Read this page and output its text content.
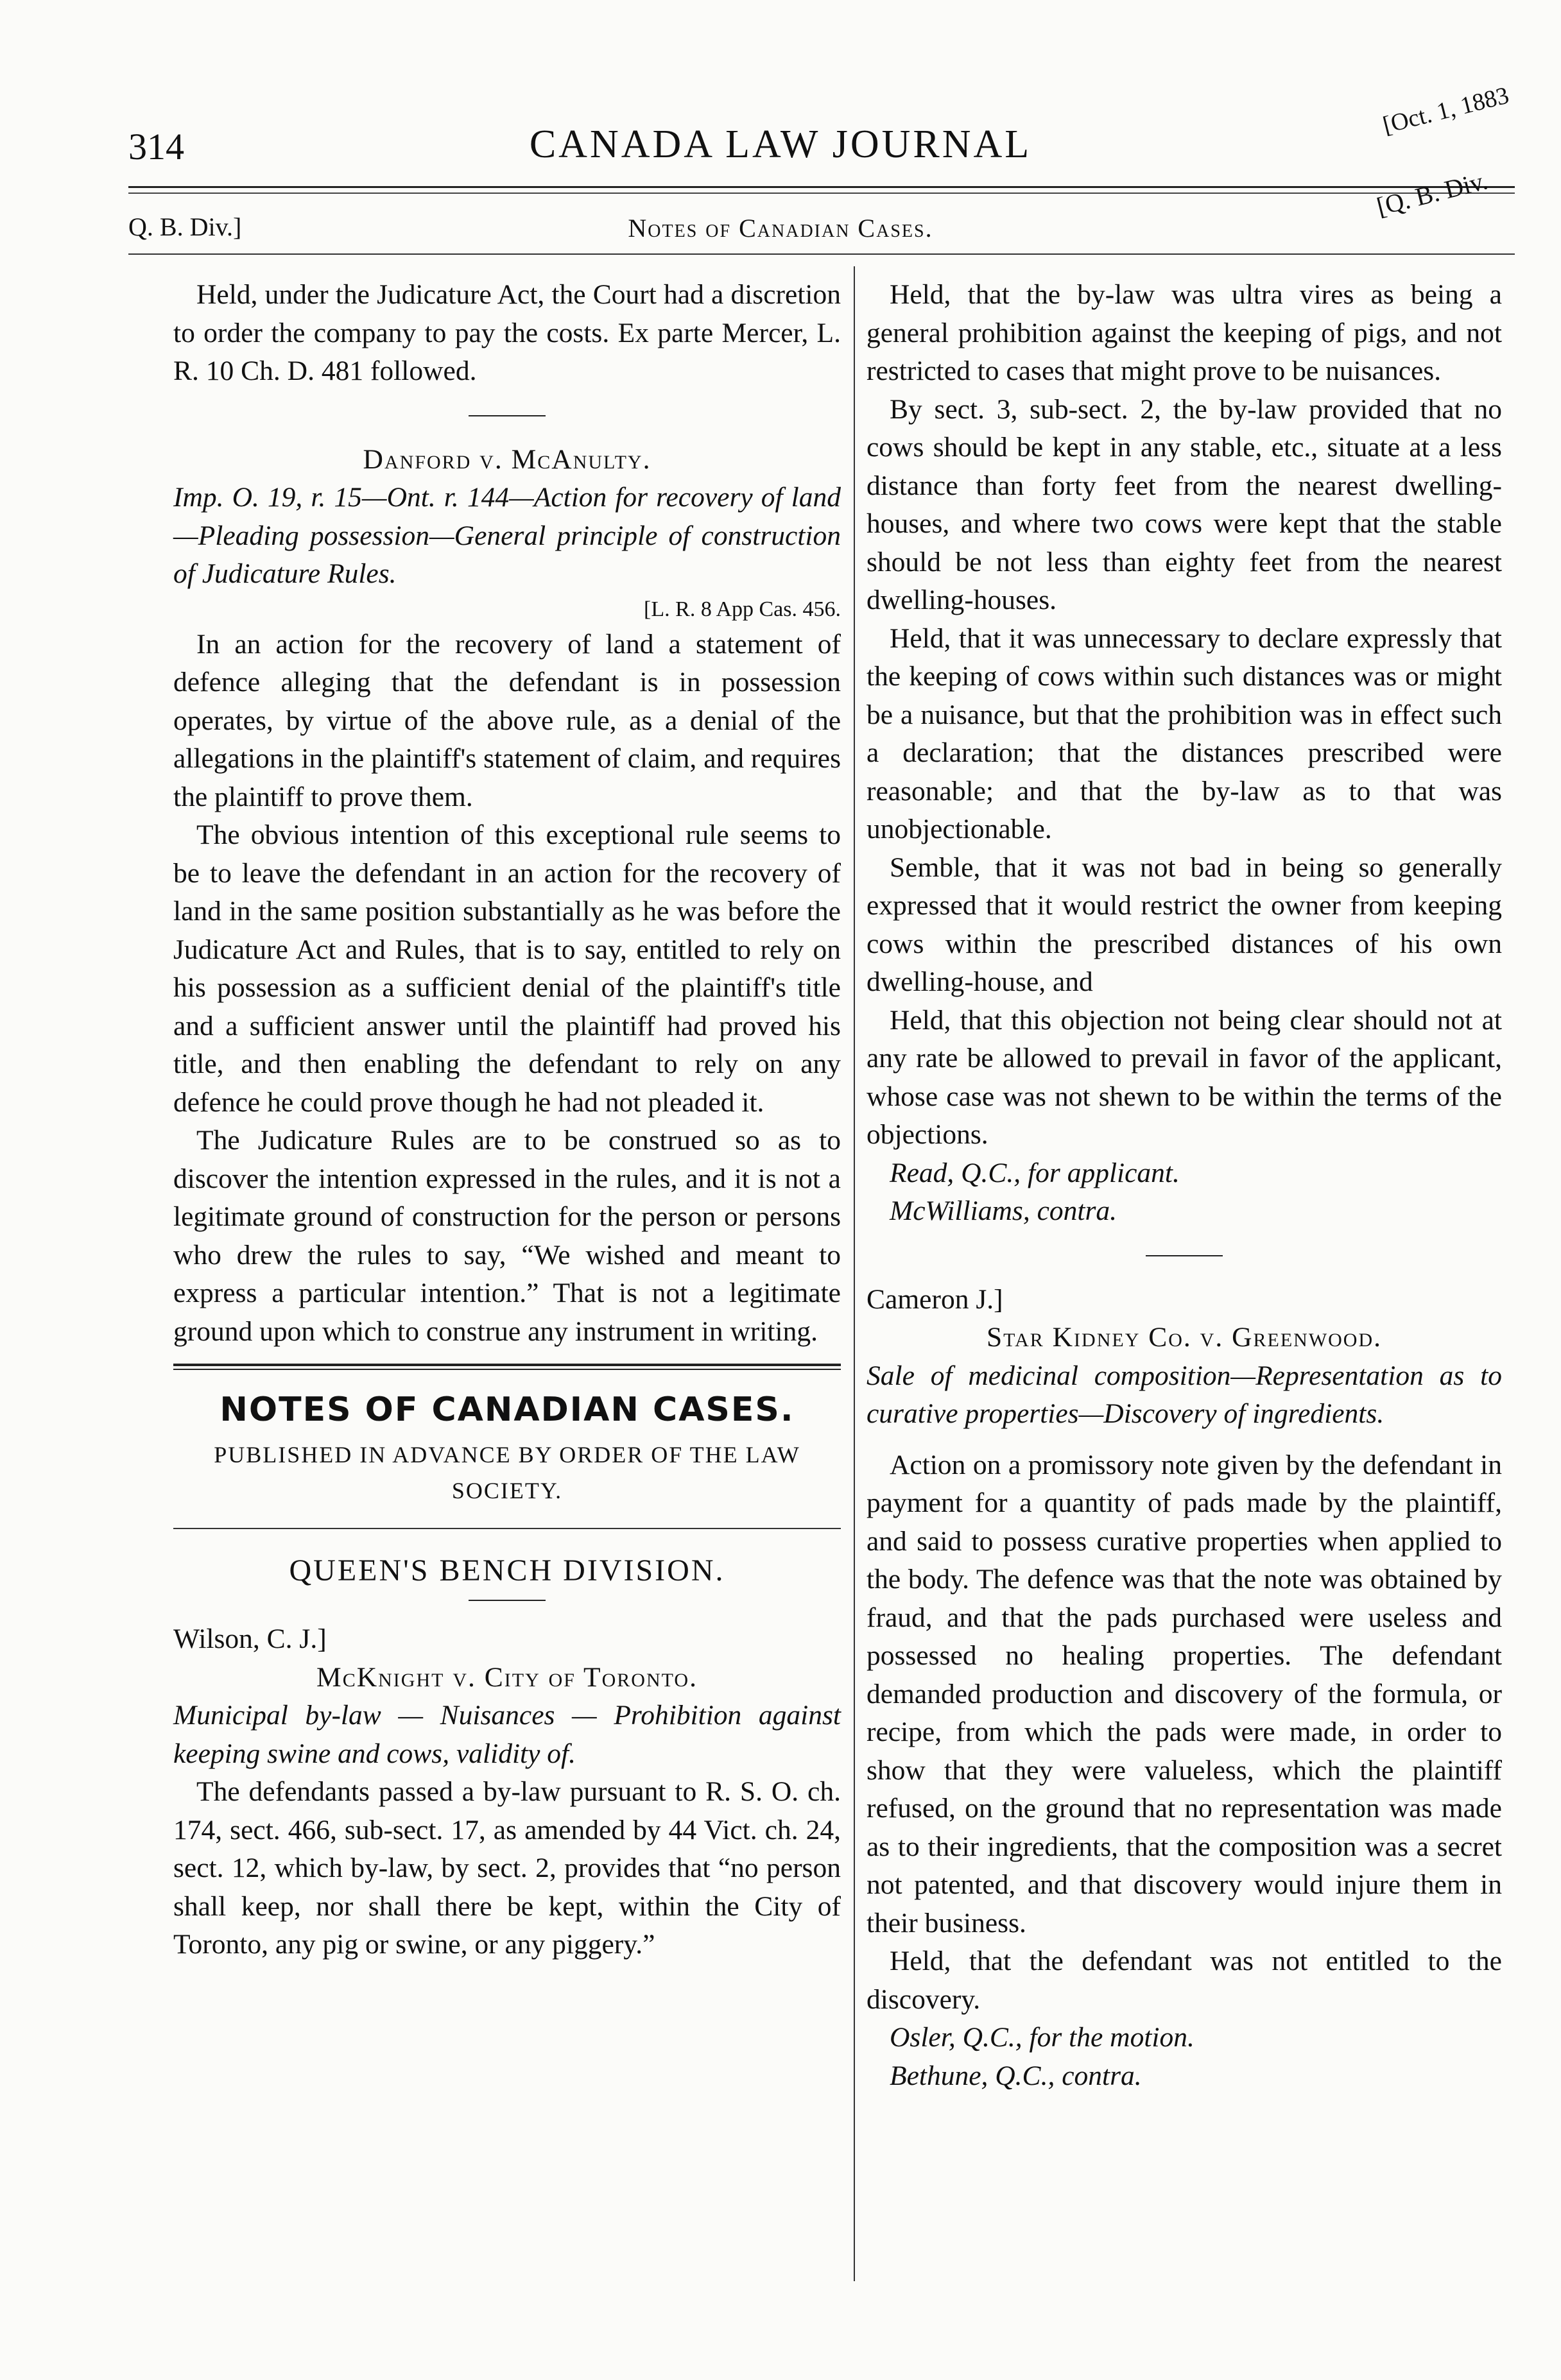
314	CANADA LAW JOURNAL
[Oct. 1, 1883
Q. B. Div.]	Notes of Canadian Cases.
[Q. B. Div.

Held, under the Judicature Act, the Court had a discretion to order the company to pay the costs. Ex parte Mercer, L. R. 10 Ch. D. 481 followed.

Danford v. McAnulty.

Imp. O. 19, r. 15—Ont. r. 144—Action for recovery of land—Pleading possession—General principle of construction of Judicature Rules.

[L. R. 8 App Cas. 456.

In an action for the recovery of land a statement of defence alleging that the defendant is in possession operates, by virtue of the above rule, as a denial of the allegations in the plaintiff's statement of claim, and requires the plaintiff to prove them.

The obvious intention of this exceptional rule seems to be to leave the defendant in an action for the recovery of land in the same position substantially as he was before the Judicature Act and Rules, that is to say, entitled to rely on his possession as a sufficient denial of the plaintiff's title and a sufficient answer until the plaintiff had proved his title, and then enabling the defendant to rely on any defence he could prove though he had not pleaded it.

The Judicature Rules are to be construed so as to discover the intention expressed in the rules, and it is not a legitimate ground of construction for the person or persons who drew the rules to say, “We wished and meant to express a particular intention.” That is not a legitimate ground upon which to construe any instrument in writing.

NOTES OF CANADIAN CASES.

PUBLISHED IN ADVANCE BY ORDER OF THE LAW SOCIETY.

QUEEN'S BENCH DIVISION.

Wilson, C. J.]

McKnight v. City of Toronto.

Municipal by-law — Nuisances — Prohibition against keeping swine and cows, validity of.

The defendants passed a by-law pursuant to R. S. O. ch. 174, sect. 466, sub-sect. 17, as amended by 44 Vict. ch. 24, sect. 12, which by-law, by sect. 2, provides that “no person shall keep, nor shall there be kept, within the City of Toronto, any pig or swine, or any piggery.”

Held, that the by-law was ultra vires as being a general prohibition against the keeping of pigs, and not restricted to cases that might prove to be nuisances.

By sect. 3, sub-sect. 2, the by-law provided that no cows should be kept in any stable, etc., situate at a less distance than forty feet from the nearest dwelling-houses, and where two cows were kept that the stable should be not less than eighty feet from the nearest dwelling-houses.

Held, that it was unnecessary to declare expressly that the keeping of cows within such distances was or might be a nuisance, but that the prohibition was in effect such a declaration; that the distances prescribed were reasonable; and that the by-law as to that was unobjectionable.

Semble, that it was not bad in being so generally expressed that it would restrict the owner from keeping cows within the prescribed distances of his own dwelling-house, and

Held, that this objection not being clear should not at any rate be allowed to prevail in favor of the applicant, whose case was not shewn to be within the terms of the objections.

Read, Q.C., for applicant.

McWilliams, contra.

Cameron J.]

Star Kidney Co. v. Greenwood.

Sale of medicinal composition—Representation as to curative properties—Discovery of ingredients.

Action on a promissory note given by the defendant in payment for a quantity of pads made by the plaintiff, and said to possess curative properties when applied to the body. The defence was that the note was obtained by fraud, and that the pads purchased were useless and possessed no healing properties. The defendant demanded production and discovery of the formula, or recipe, from which the pads were made, in order to show that they were valueless, which the plaintiff refused, on the ground that no representation was made as to their ingredients, that the composition was a secret not patented, and that discovery would injure them in their business.

Held, that the defendant was not entitled to the discovery.

Osler, Q.C., for the motion.

Bethune, Q.C., contra.
